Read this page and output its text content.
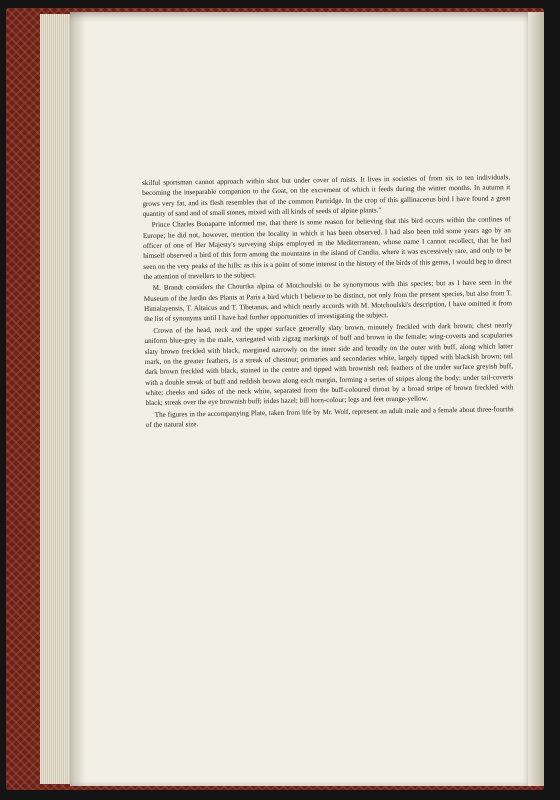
skilful sportsman cannot approach within shot but under cover of mists. It lives in societies of from six to ten individuals, becoming the inseparable companion to the Goat, on the excrement of which it feeds during the winter months. In autumn it grows very fat, and its flesh resembles that of the common Partridge. In the crop of this gallinaceous bird I have found a great quantity of sand and of small stones, mixed with all kinds of seeds of alpine plants."

Prince Charles Bonaparte informed me, that there is some reason for believing that this bird occurs within the confines of Europe; he did not, however, mention the locality in which it has been observed. I had also been told some years ago by an officer of one of Her Majesty's surveying ships employed in the Mediterranean, whose name I cannot recollect, that he had himself observed a bird of this form among the mountains in the island of Candia, where it was excessively rare, and only to be seen on the very peaks of the hills: as this is a point of some interest in the history of the birds of this genus, I would beg to direct the attention of travellers to the subject.

M. Brandt considers the Chourtka alpina of Motchoulski to be synonymous with this species; but as I have seen in the Museum of the Jardin des Plants at Paris a bird which I believe to be distinct, not only from the present species, but also from T. Himalayensis, T. Altaicus and T. Tibetanus, and which nearly accords with M. Motchoulski's description, I have omitted it from the list of synonyms until I have had further opportunities of investigating the subject.

Crown of the head, neck and the upper surface generally slaty brown, minutely freckled with dark brown; chest nearly uniform blue-grey in the male, variegated with zigzag markings of buff and brown in the female; wing-coverts and scapularies slaty brown freckled with black, margined narrowly on the inner side and broadly on the outer with buff, along which latter mark, on the greater feathers, is a streak of chestnut; primaries and secondaries white, largely tipped with blackish brown; tail dark brown freckled with black, stained in the centre and tipped with brownish red; feathers of the under surface greyish buff, with a double streak of buff and reddish brown along each margin, forming a series of stripes along the body; under tail-coverts white; cheeks and sides of the neck white, separated from the buff-coloured throat by a broad stripe of brown freckled with black; streak over the eye brownish buff; irides hazel; bill horn-colour; legs and feet orange-yellow.

The figures in the accompanying Plate, taken from life by Mr. Wolf, represent an adult male and a female about three-fourths of the natural size.
